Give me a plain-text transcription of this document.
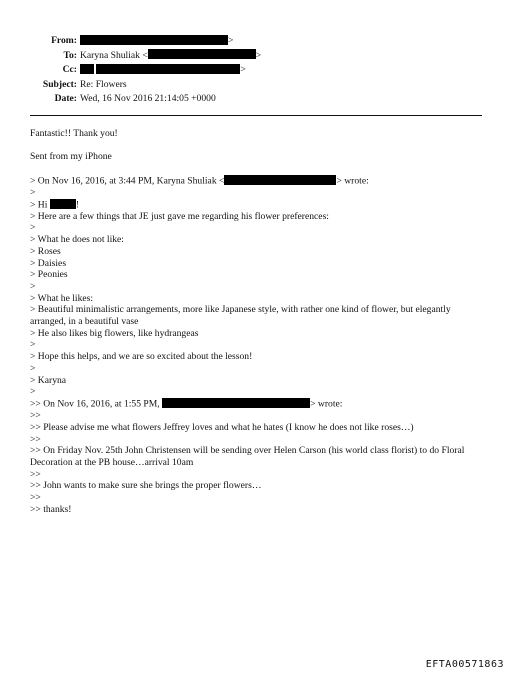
From:	>
To: Karyna Shuliak <	>
Cc:	>
Subject: Re: Flowers
Date: Wed, 16 Nov 2016 21:14:05 +0000

Fantastic!! Thank you!

Sent from my iPhone

> On Nov 16, 2016, at 3:44 PM, Karyna Shuliak <	> wrote:

>

> Hi	!

> Here are a few things that JE just gave me regarding his flower preferences:

>

> What he does not like:

> Roses

> Daisies

> Peonies

>

> What he likes:

> Beautiful minimalistic arrangements, more like Japanese style, with rather one kind of flower, but elegantly arranged, in a beautiful vase

> He also likes big flowers, like hydrangeas

>

> Hope this helps, and we are so excited about the lesson!

>

> Karyna

>

>> On Nov 16, 2016, at 1:55 PM,	> wrote:

>>

>> Please advise me what flowers Jeffrey loves and what he hates (I know he does not like roses…)

>>

>> On Friday Nov. 25th John Christensen will be sending over Helen Carson (his world class florist) to do Floral Decoration at the PB house…arrival 10am

>>

>> John wants to make sure she brings the proper flowers…

>>

>> thanks!

EFTA00571863
